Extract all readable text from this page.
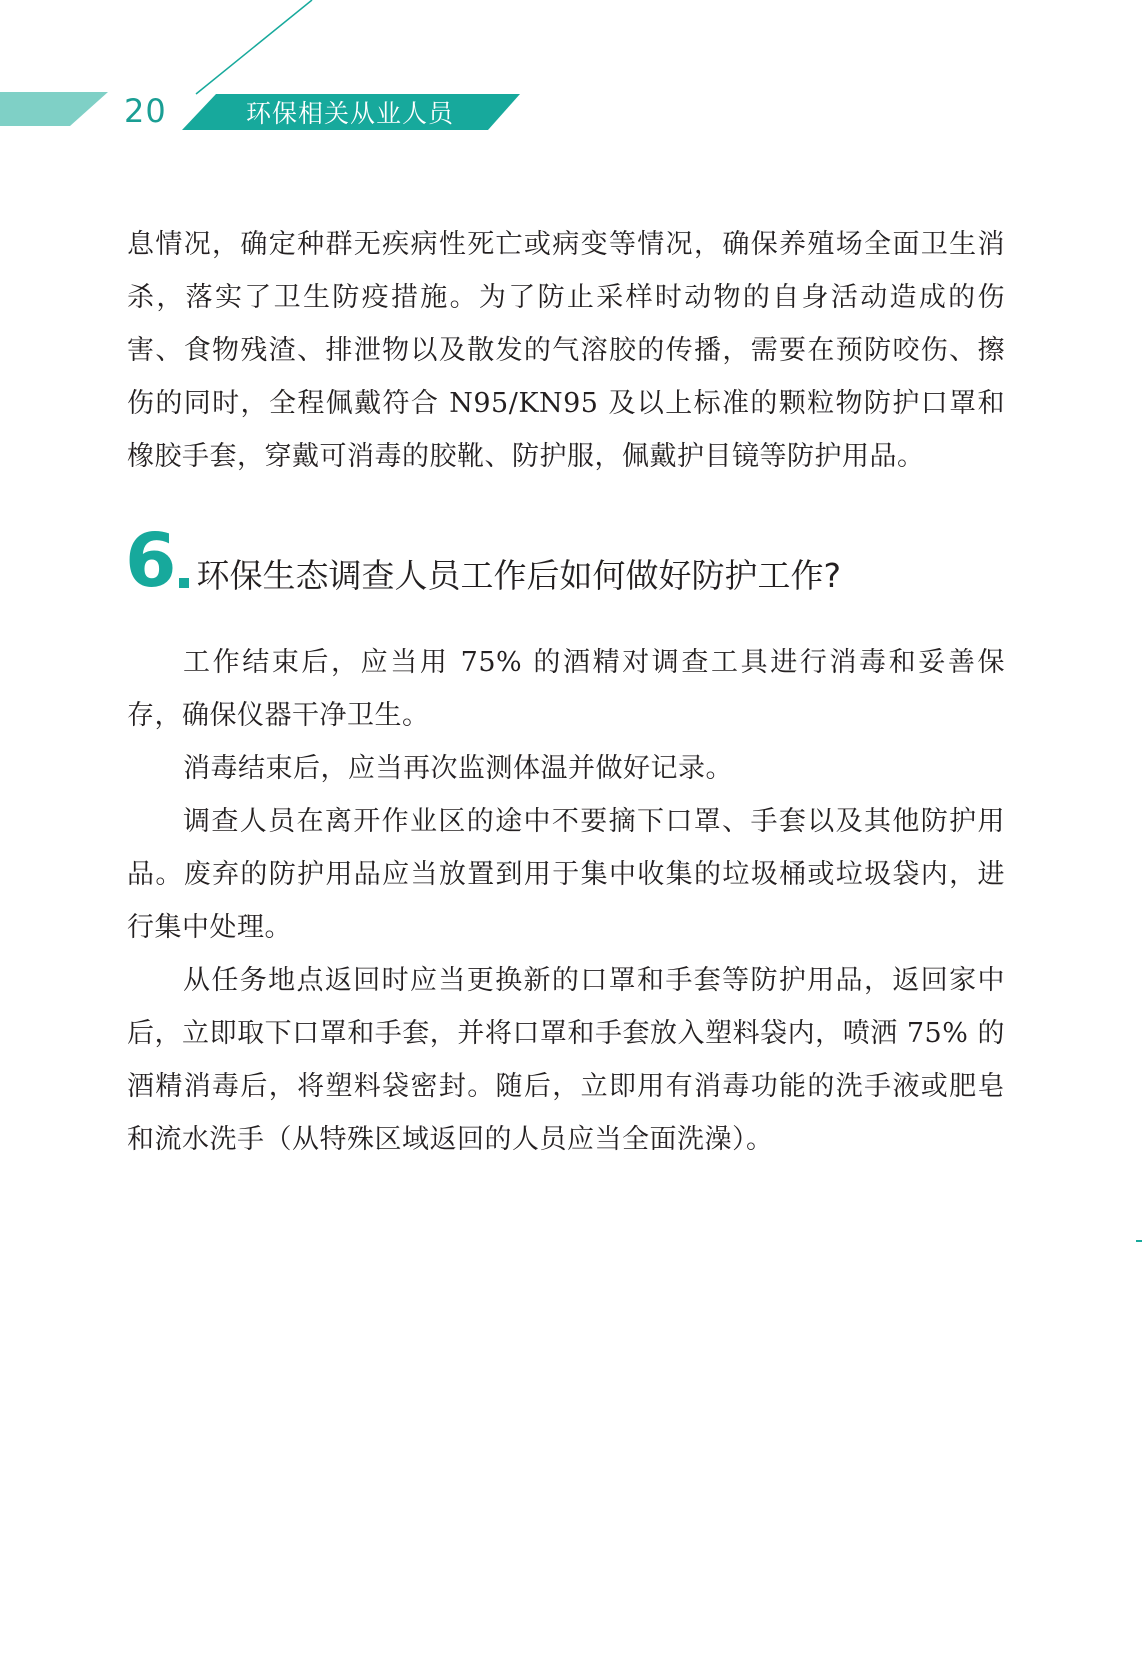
20	环保相关从业人员

息情况，确定种群无疾病性死亡或病变等情况，确保养殖场全面卫生消杀，落实了卫生防疫措施。为了防止采样时动物的自身活动造成的伤害、食物残渣、排泄物以及散发的气溶胶的传播，需要在预防咬伤、擦伤的同时，全程佩戴符合 N95/KN95 及以上标准的颗粒物防护口罩和橡胶手套，穿戴可消毒的胶靴、防护服，佩戴护目镜等防护用品。

6 环保生态调查人员工作后如何做好防护工作?

工作结束后，应当用 75% 的酒精对调查工具进行消毒和妥善保存，确保仪器干净卫生。

消毒结束后，应当再次监测体温并做好记录。

调查人员在离开作业区的途中不要摘下口罩、手套以及其他防护用品。废弃的防护用品应当放置到用于集中收集的垃圾桶或垃圾袋内，进行集中处理。

从任务地点返回时应当更换新的口罩和手套等防护用品，返回家中后，立即取下口罩和手套，并将口罩和手套放入塑料袋内，喷洒 75% 的酒精消毒后，将塑料袋密封。随后，立即用有消毒功能的洗手液或肥皂和流水洗手（从特殊区域返回的人员应当全面洗澡）。
